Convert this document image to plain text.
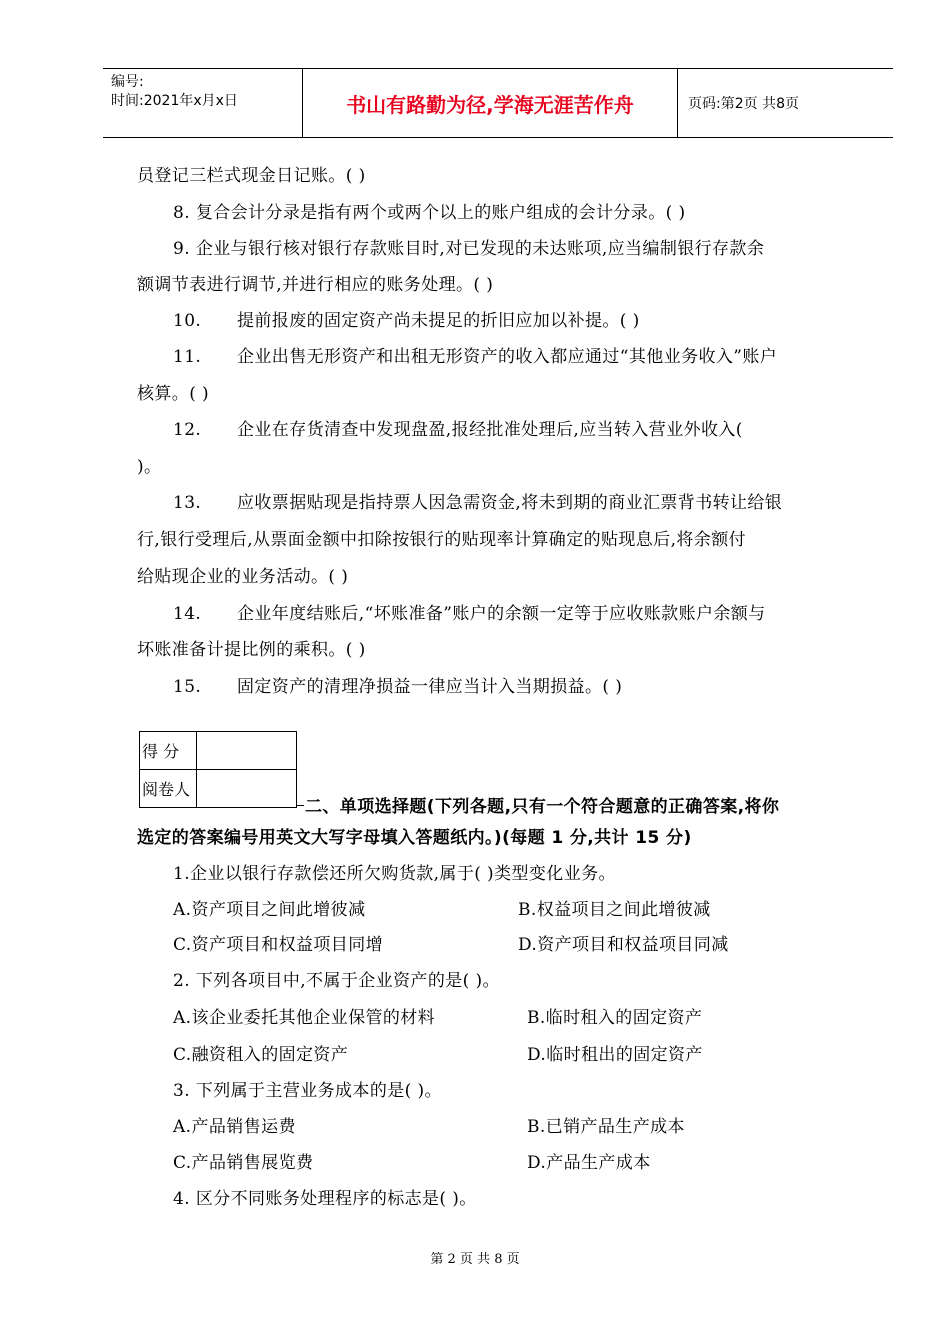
编号:
时间:2021年x月x日	书山有路勤为径,学海无涯苦作舟	页码:第2页 共8页
员登记三栏式现金日记账。( )
8. 复合会计分录是指有两个或两个以上的账户组成的会计分录。( )
9. 企业与银行核对银行存款账目时,对已发现的未达账项,应当编制银行存款余
额调节表进行调节,并进行相应的账务处理。( )
10. 提前报废的固定资产尚未提足的折旧应加以补提。( )
11. 企业出售无形资产和出租无形资产的收入都应通过“其他业务收入”账户
核算。( )
12. 企业在存货清查中发现盘盈,报经批准处理后,应当转入营业外收入(
)。
13. 应收票据贴现是指持票人因急需资金,将未到期的商业汇票背书转让给银
行,银行受理后,从票面金额中扣除按银行的贴现率计算确定的贴现息后,将余额付
给贴现企业的业务活动。( )
14. 企业年度结账后,“坏账准备”账户的余额一定等于应收账款账户余额与
坏账准备计提比例的乘积。( )
15. 固定资产的清理净损益一律应当计入当期损益。( )
得 分	
阅卷人	
二、单项选择题(下列各题,只有一个符合题意的正确答案,将你
选定的答案编号用英文大写字母填入答题纸内。)(每题 1 分,共计 15 分)
1.企业以银行存款偿还所欠购货款,属于( )类型变化业务。
A.资产项目之间此增彼减	B.权益项目之间此增彼减
C.资产项目和权益项目同增	D.资产项目和权益项目同减
2. 下列各项目中,不属于企业资产的是( )。
A.该企业委托其他企业保管的材料	B.临时租入的固定资产
C.融资租入的固定资产	D.临时租出的固定资产
3. 下列属于主营业务成本的是( )。
A.产品销售运费	B.已销产品生产成本
C.产品销售展览费	D.产品生产成本
4. 区分不同账务处理程序的标志是( )。
第 2 页 共 8 页
